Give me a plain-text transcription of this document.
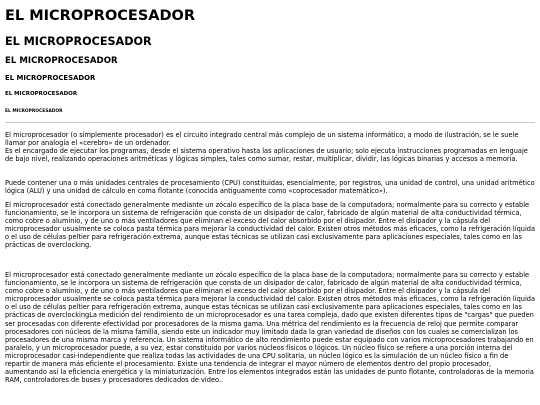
EL MICROPROCESADOR
EL MICROPROCESADOR
EL MICROPROCESADOR
EL MICROPROCESADOR
EL MICROPROCESADOR
EL MICROPROCESADOR

El microprocesador (o simplemente procesador) es el circuito integrado central más complejo de un sistema informático; a modo de ilustración, se le suele llamar por analogía el «cerebro» de un ordenador.
Es el encargado de ejecutar los programas, desde el sistema operativo hasta las aplicaciones de usuario; solo ejecuta instrucciones programadas en lenguaje de bajo nivel, realizando operaciones aritméticas y lógicas simples, tales como sumar, restar, multiplicar, dividir, las lógicas binarias y accesos a memoria.

Puede contener una o más unidades centrales de procesamiento (CPU) constituidas, esencialmente, por registros, una unidad de control, una unidad aritmético lógica (ALU) y una unidad de cálculo en coma flotante (conocida antiguamente como «coprocesador matemático»).

El microprocesador está conectado generalmente mediante un zócalo específico de la placa base de la computadora; normalmente para su correcto y estable funcionamiento, se le incorpora un sistema de refrigeración que consta de un disipador de calor, fabricado de algún material de alta conductividad térmica, como cobre o aluminio, y de uno o más ventiladores que eliminan el exceso del calor absorbido por el disipador. Entre el disipador y la cápsula del microprocesador usualmente se coloca pasta térmica para mejorar la conductividad del calor. Existen otros métodos más eficaces, como la refrigeración líquida o el uso de células peltier para refrigeración extrema, aunque estas técnicas se utilizan casi exclusivamente para aplicaciones especiales, tales como en las prácticas de overclocking.

El microprocesador está conectado generalmente mediante un zócalo específico de la placa base de la computadora; normalmente para su correcto y estable funcionamiento, se le incorpora un sistema de refrigeración que consta de un disipador de calor, fabricado de algún material de alta conductividad térmica, como cobre o aluminio, y de uno o más ventiladores que eliminan el exceso del calor absorbido por el disipador. Entre el disipador y la cápsula del microprocesador usualmente se coloca pasta térmica para mejorar la conductividad del calor. Existen otros métodos más eficaces, como la refrigeración líquida o el uso de células peltier para refrigeración extrema, aunque estas técnicas se utilizan casi exclusivamente para aplicaciones especiales, tales como en las prácticas de overclockingLa medición del rendimiento de un microprocesador es una tarea compleja, dado que existen diferentes tipos de "cargas" que pueden ser procesadas con diferente efectividad por procesadores de la misma gama. Una métrica del rendimiento es la frecuencia de reloj que permite comparar procesadores con núcleos de la misma familia, siendo este un indicador muy limitado dada la gran variedad de diseños con los cuales se comercializan los procesadores de una misma marca y referencia. Un sistema informático de alto rendimiento puede estar equipado con varios microprocesadores trabajando en paralelo, y un microprocesador puede, a su vez, estar constituido por varios núcleos físicos o lógicos. Un núcleo físico se refiere a una porción interna del microprocesador casi-independiente que realiza todas las actividades de una CPU solitaria, un núcleo lógico es la simulación de un núcleo físico a fin de repartir de manera más eficiente el procesamiento. Existe una tendencia de integrar el mayor número de elementos dentro del propio procesador, aumentando así la eficiencia energética y la miniaturización. Entre los elementos integrados están las unidades de punto flotante, controladoras de la memoria RAM, controladores de buses y procesadores dedicados de vídeo..
